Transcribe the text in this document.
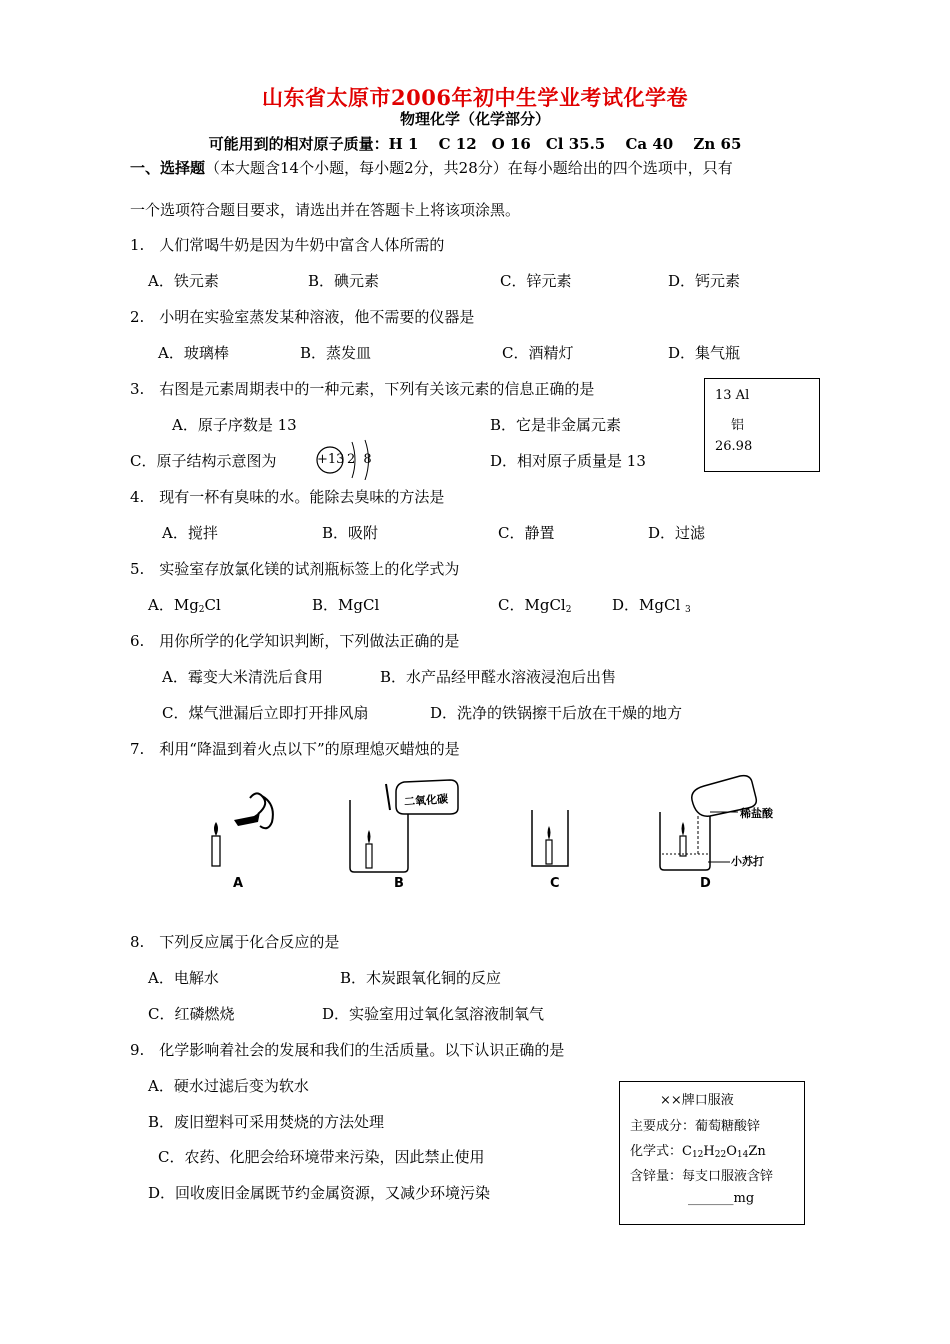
山东省太原市2006年初中生学业考试化学卷
物理化学（化学部分）
可能用到的相对原子质量：H 1　 C 12　O 16　Cl 35.5　 Ca 40　 Zn 65
一、选择题（本大题含14个小题，每小题2分，共28分）在每小题给出的四个选项中，只有
一个选项符合题目要求，请选出并在答题卡上将该项涂黑。
1.　人们常喝牛奶是因为牛奶中富含人体所需的
A．铁元素	B．碘元素	C．锌元素	D．钙元素
2.　小明在实验室蒸发某种溶液，他不需要的仪器是
A．玻璃棒	B．蒸发皿	C．酒精灯	D．集气瓶
3.　右图是元素周期表中的一种元素，下列有关该元素的信息正确的是
A．原子序数是 13	B．它是非金属元素
C．原子结构示意图为	+13 2 8	D．相对原子质量是 13
13 Al
铝
26.98
4.　现有一杯有臭味的水。能除去臭味的方法是
A．搅拌	B．吸附	C．静置	D．过滤
5.　实验室存放氯化镁的试剂瓶标签上的化学式为
A．$Mg_2Cl$	B．MgCl	C．MgCl$_2$	D．MgCl $_3$
6.　用你所学的化学知识判断，下列做法正确的是
A．霉变大米清洗后食用	B．水产品经甲醛水溶液浸泡后出售
C．煤气泄漏后立即打开排风扇	D．洗净的铁锅擦干后放在干燥的地方
7.　利用“降温到着火点以下”的原理熄灭蜡烛的是
二氧化碳
稀盐酸
小苏打
A	B	C	D
8.　下列反应属于化合反应的是
A．电解水	B．木炭跟氧化铜的反应
C．红磷燃烧	D．实验室用过氧化氢溶液制氧气
9.　化学影响着社会的发展和我们的生活质量。以下认识正确的是
A．硬水过滤后变为软水
B．废旧塑料可采用焚烧的方法处理
C．农药、化肥会给环境带来污染，因此禁止使用
D．回收废旧金属既节约金属资源，又减少环境污染
××牌口服液
主要成分：葡萄糖酸锌
化学式：$C_{12}H_{22}O_{14}Zn$
含锌量：每支口服液含锌
_______mg
